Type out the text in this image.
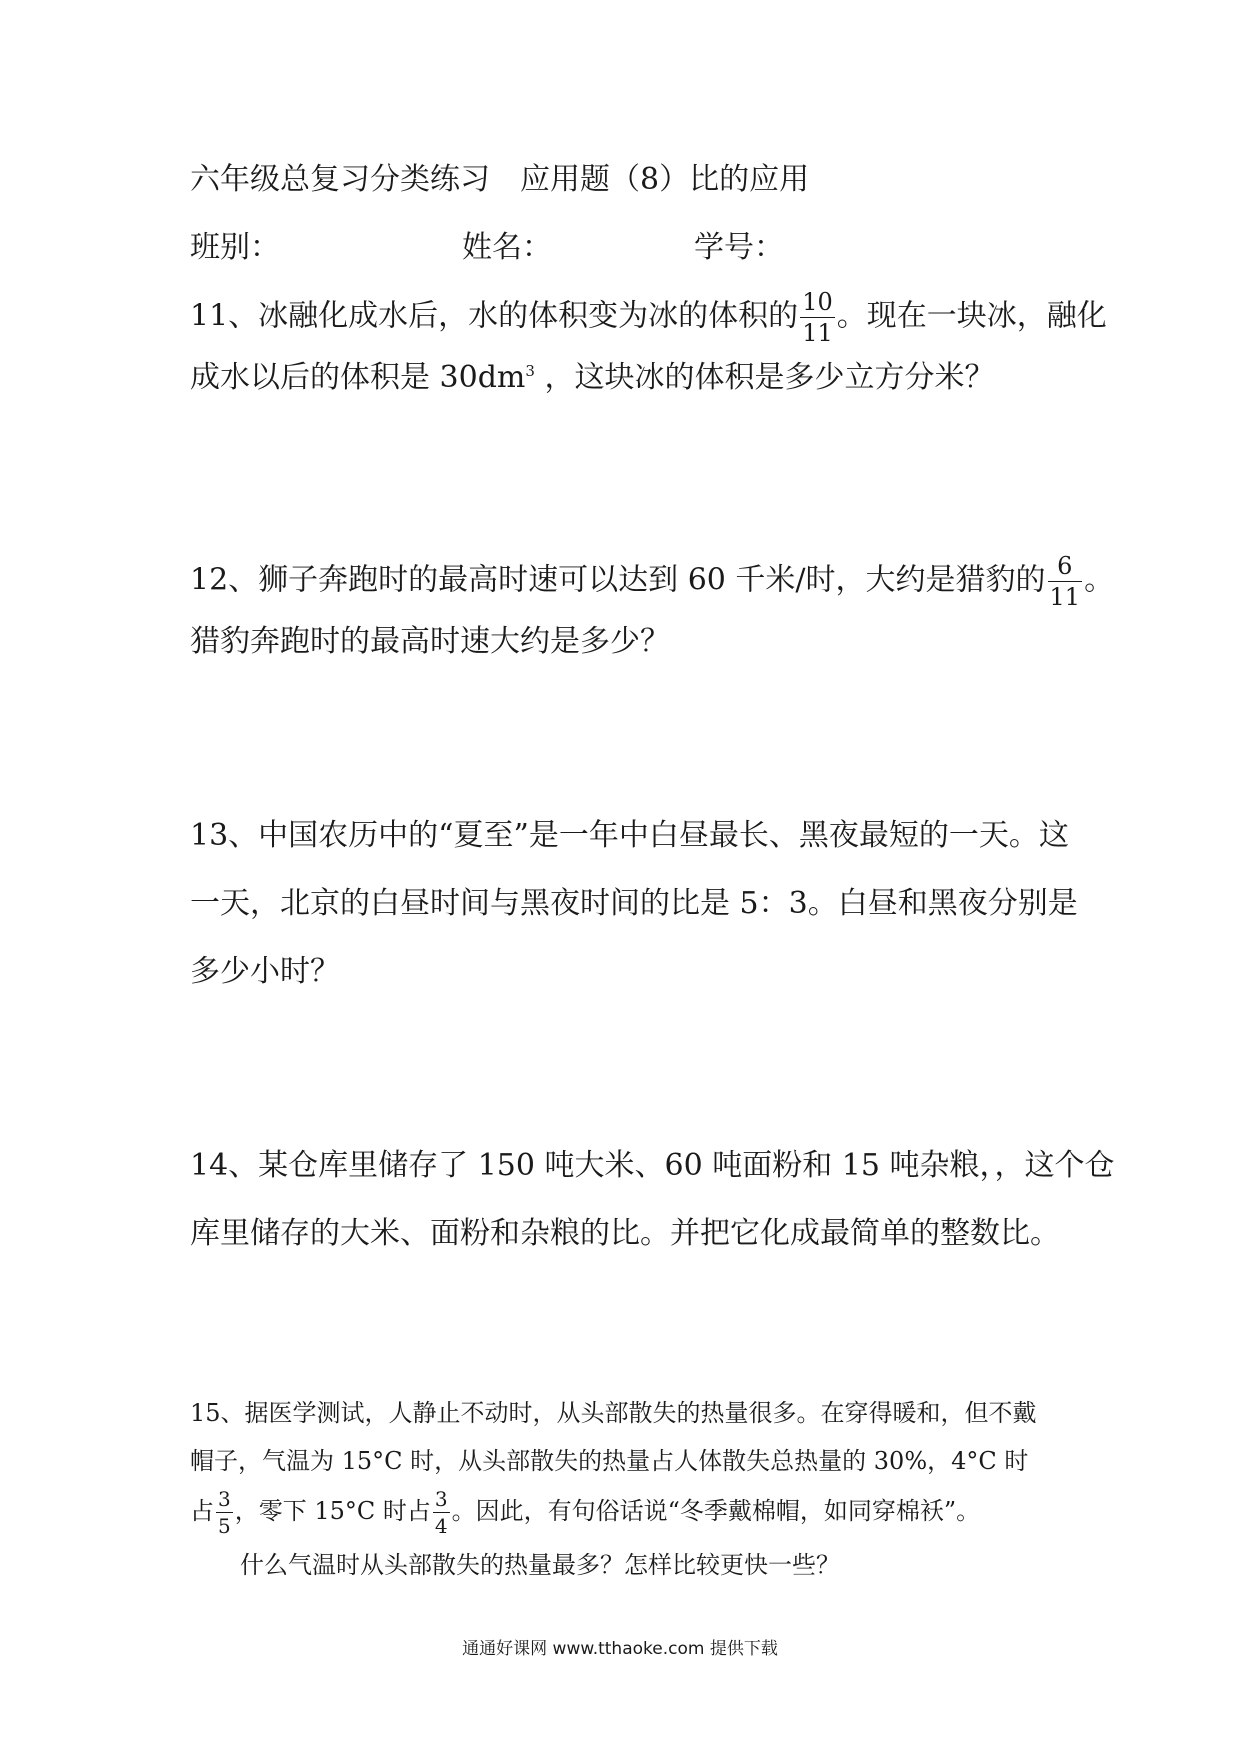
六年级总复习分类练习　应用题（8）比的应用
班别：	姓名：	学号：
11、冰融化成水后，水的体积变为冰的体积的 $\frac{10}{11}$ 。现在一块冰，融化
成水以后的体积是 $30dm^3$ ，这块冰的体积是多少立方分米？
12、狮子奔跑时的最高时速可以达到 60 千米/时，大约是猎豹的 $\frac{6}{11}$ 。
猎豹奔跑时的最高时速大约是多少？
13、中国农历中的“夏至”是一年中白昼最长、黑夜最短的一天。这
一天，北京的白昼时间与黑夜时间的比是 5：3。白昼和黑夜分别是
多少小时？
14、某仓库里储存了 150 吨大米、60 吨面粉和 15 吨杂粮，，这个仓
库里储存的大米、面粉和杂粮的比。并把它化成最简单的整数比。
15、据医学测试，人静止不动时，从头部散失的热量很多。在穿得暖和，但不戴
帽子，气温为 15°C 时，从头部散失的热量占人体散失总热量的 30%，4°C 时
占 $\frac{3}{5}$ ，零下 15°C 时占 $\frac{3}{4}$ 。因此，有句俗话说“冬季戴棉帽，如同穿棉袄”。
什么气温时从头部散失的热量最多？怎样比较更快一些？
通通好课网 www.tthaoke.com 提供下载
